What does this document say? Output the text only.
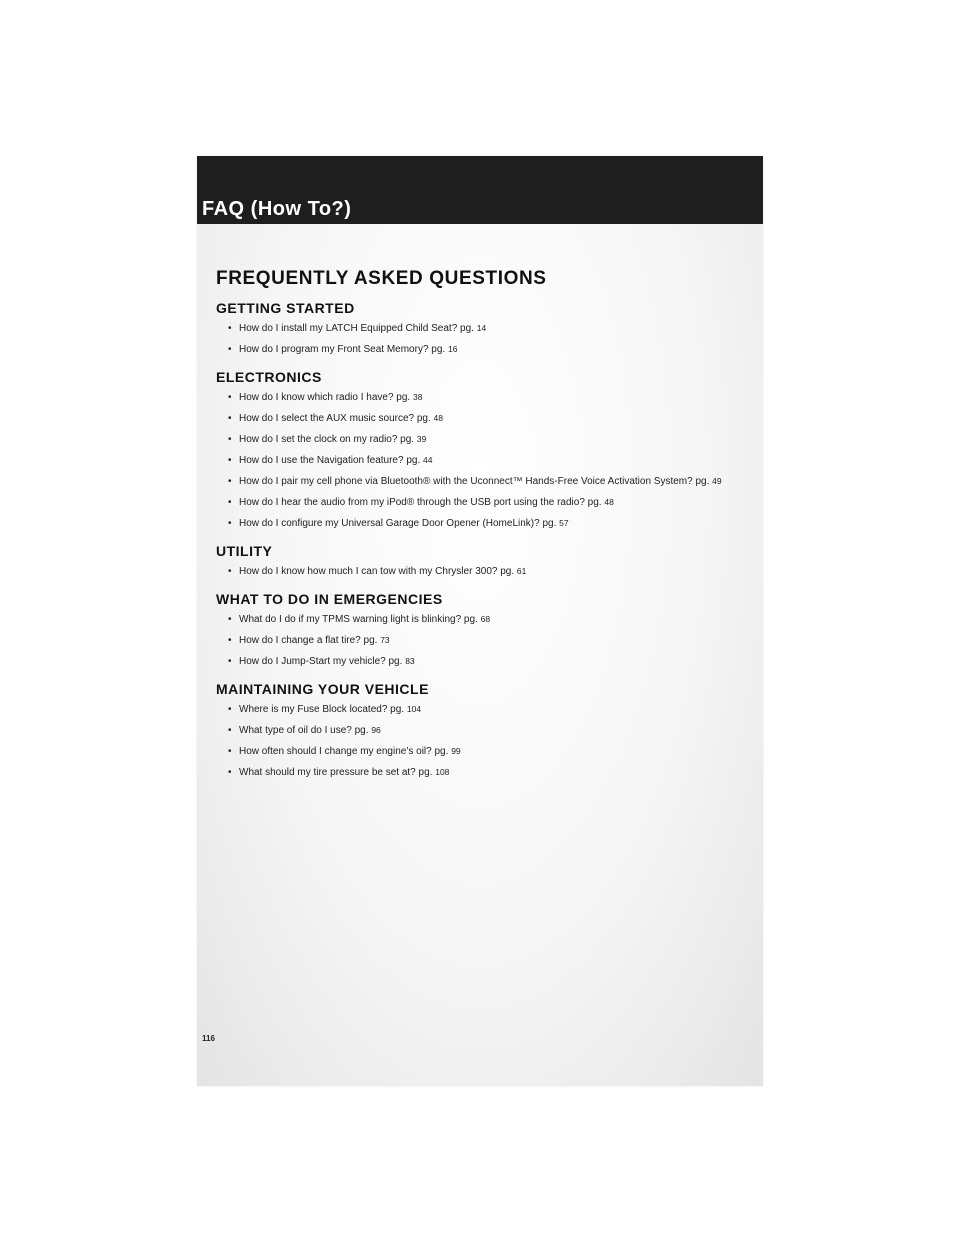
FAQ (How To?)
FREQUENTLY ASKED QUESTIONS
GETTING STARTED
• How do I install my LATCH Equipped Child Seat? pg. 14
• How do I program my Front Seat Memory? pg. 16
ELECTRONICS
• How do I know which radio I have? pg. 38
• How do I select the AUX music source? pg. 48
• How do I set the clock on my radio? pg. 39
• How do I use the Navigation feature? pg. 44
• How do I pair my cell phone via Bluetooth® with the Uconnect™ Hands-Free Voice Activation System? pg. 49
• How do I hear the audio from my iPod® through the USB port using the radio? pg. 48
• How do I configure my Universal Garage Door Opener (HomeLink)? pg. 57
UTILITY
• How do I know how much I can tow with my Chrysler 300? pg. 61
WHAT TO DO IN EMERGENCIES
• What do I do if my TPMS warning light is blinking? pg. 68
• How do I change a flat tire? pg. 73
• How do I Jump-Start my vehicle? pg. 83
MAINTAINING YOUR VEHICLE
• Where is my Fuse Block located? pg. 104
• What type of oil do I use? pg. 96
• How often should I change my engine’s oil? pg. 99
• What should my tire pressure be set at? pg. 108
116
